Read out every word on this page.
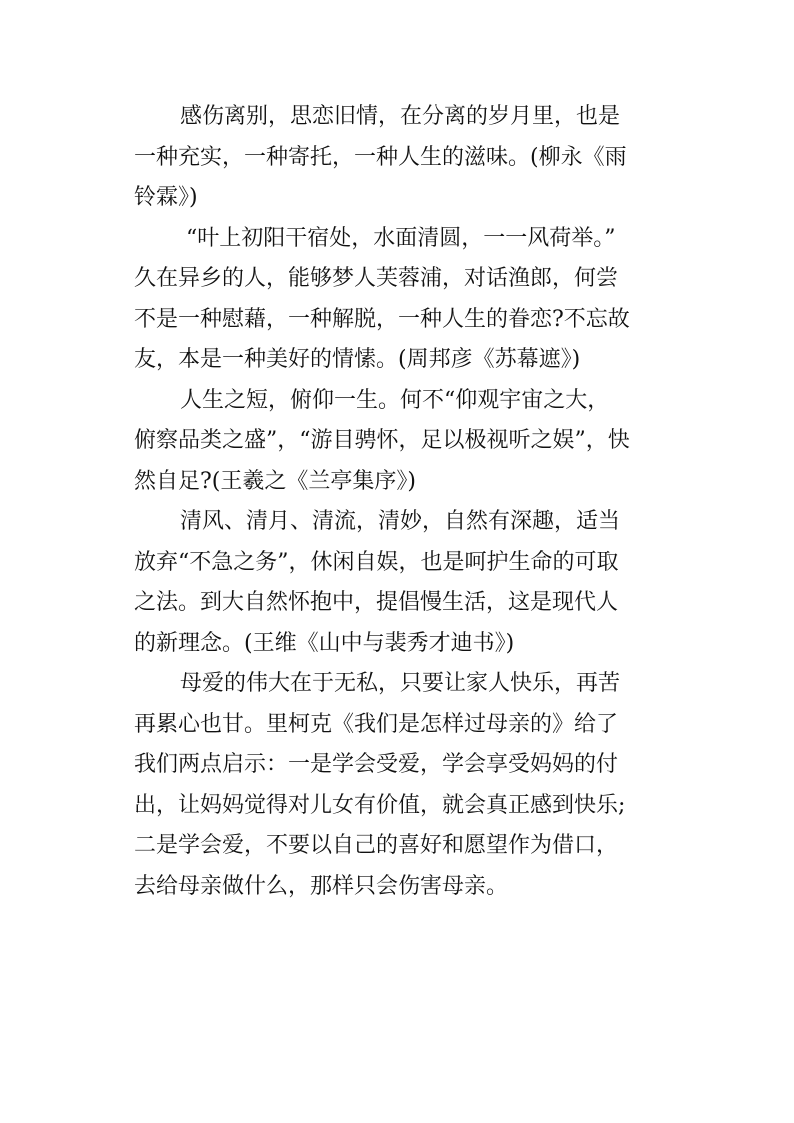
感伤离别，思恋旧情，在分离的岁月里，也是
一种充实，一种寄托，一种人生的滋味。(柳永《雨
铃霖》)
“叶上初阳干宿处，水面清圆，一一风荷举。”
久在异乡的人，能够梦人芙蓉浦，对话渔郎，何尝
不是一种慰藉，一种解脱，一种人生的眷恋?不忘故
友，本是一种美好的情愫。(周邦彦《苏幕遮》)
人生之短，俯仰一生。何不“仰观宇宙之大，
俯察品类之盛”，“游目骋怀，足以极视听之娱”，快
然自足?(王羲之《兰亭集序》)
清风、清月、清流，清妙，自然有深趣，适当
放弃“不急之务”，休闲自娱，也是呵护生命的可取
之法。到大自然怀抱中，提倡慢生活，这是现代人
的新理念。(王维《山中与裴秀才迪书》)
母爱的伟大在于无私，只要让家人快乐，再苦
再累心也甘。里柯克《我们是怎样过母亲的》给了
我们两点启示：一是学会受爱，学会享受妈妈的付
出，让妈妈觉得对儿女有价值，就会真正感到快乐;
二是学会爱，不要以自己的喜好和愿望作为借口，
去给母亲做什么，那样只会伤害母亲。
